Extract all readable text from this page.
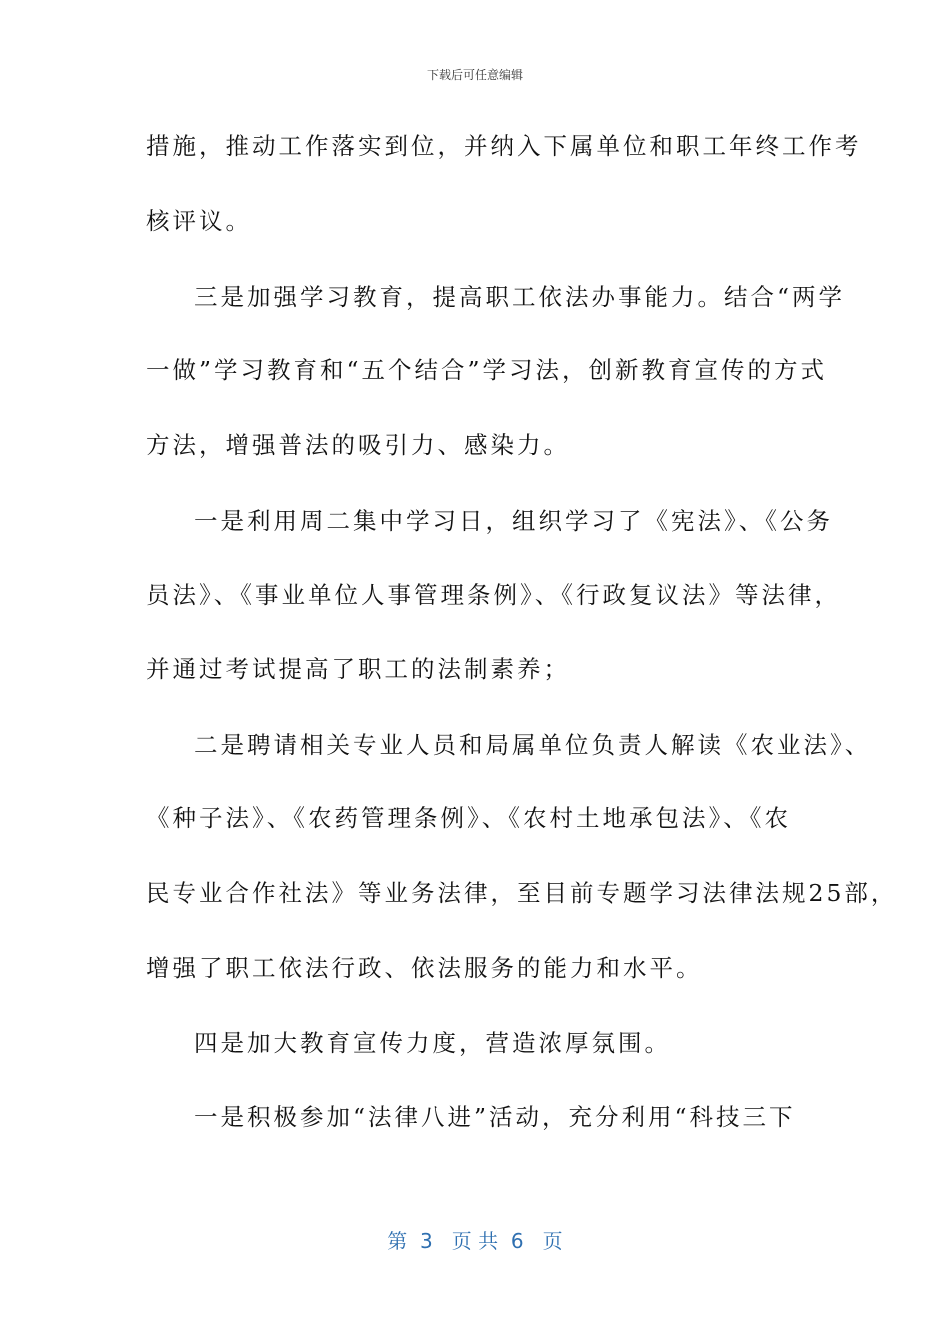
下载后可任意编辑
措施，推动工作落实到位，并纳入下属单位和职工年终工作考
核评议。
三是加强学习教育，提高职工依法办事能力。结合“两学
一做”学习教育和“五个结合”学习法，创新教育宣传的方式
方法，增强普法的吸引力、感染力。
一是利用周二集中学习日，组织学习了《宪法》、《公务
员法》、《事业单位人事管理条例》、《行政复议法》等法律，
并通过考试提高了职工的法制素养；
二是聘请相关专业人员和局属单位负责人解读《农业法》、
《种子法》、《农药管理条例》、《农村土地承包法》、《农
民专业合作社法》等业务法律，至目前专题学习法律法规25部，
增强了职工依法行政、依法服务的能力和水平。
四是加大教育宣传力度，营造浓厚氛围。
一是积极参加“法律八进”活动，充分利用“科技三下
第  3   页 共  6   页
